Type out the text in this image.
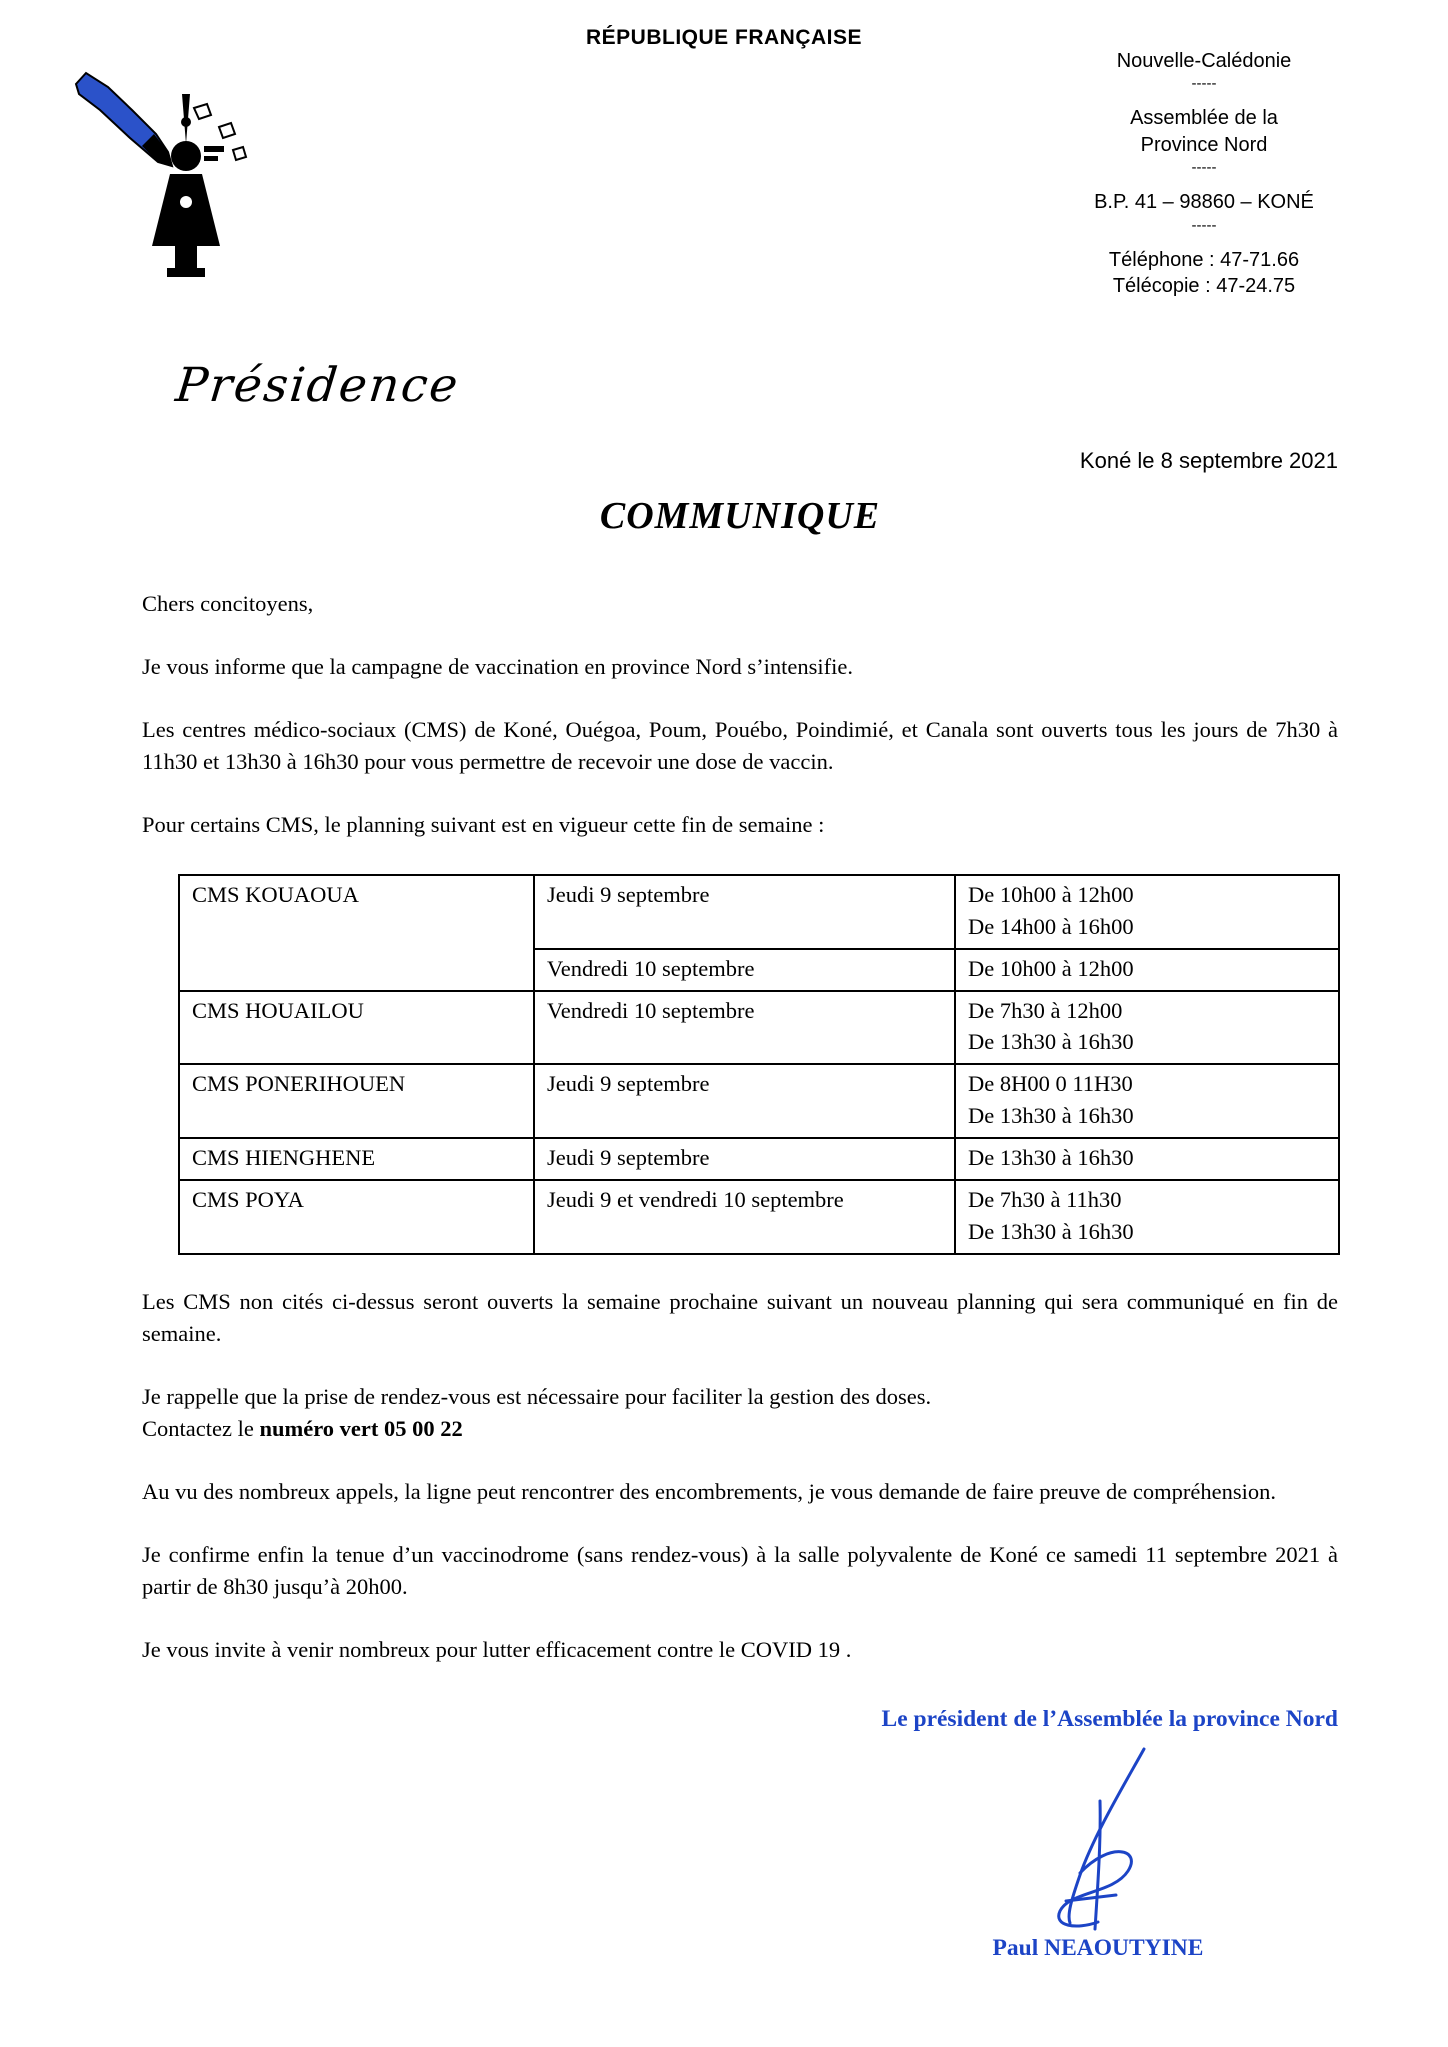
RÉPUBLIQUE FRANÇAISE
Nouvelle-Calédonie
-----
Assemblée de la
Province Nord
-----
B.P. 41 – 98860 – KONÉ
-----
Téléphone : 47-71.66
Télécopie : 47-24.75
Présidence
Koné le 8 septembre 2021
COMMUNIQUE

Chers concitoyens,

Je vous informe que la campagne de vaccination en province Nord s’intensifie.

Les centres médico-sociaux (CMS) de Koné, Ouégoa, Poum, Pouébo, Poindimié, et Canala sont ouverts tous les jours de 7h30 à 11h30 et 13h30 à 16h30 pour vous permettre de recevoir une dose de vaccin.

Pour certains CMS, le planning suivant est en vigueur cette fin de semaine :

CMS KOUAOUA	Jeudi 9 septembre	De 10h00 à 12h00
De 14h00 à 16h00

	Vendredi 10 septembre	De 10h00 à 12h00
CMS HOUAILOU	Vendredi 10 septembre	De 7h30 à 12h00
De 13h30 à 16h30

CMS PONERIHOUEN	Jeudi 9 septembre	De 8H00 0 11H30
De 13h30 à 16h30

CMS HIENGHENE	Jeudi 9 septembre	De 13h30 à 16h30
CMS POYA	Jeudi 9 et vendredi 10 septembre	De 7h30 à 11h30
De 13h30 à 16h30

Les CMS non cités ci-dessus seront ouverts la semaine prochaine suivant un nouveau planning qui sera communiqué en fin de semaine.

Je rappelle que la prise de rendez-vous est nécessaire pour faciliter la gestion des doses.
Contactez le numéro vert 05 00 22

Au vu des nombreux appels, la ligne peut rencontrer des encombrements, je vous demande de faire preuve de compréhension.

Je confirme enfin la tenue d’un vaccinodrome (sans rendez-vous) à la salle polyvalente de Koné ce samedi 11 septembre 2021 à partir de 8h30 jusqu’à 20h00.

Je vous invite à venir nombreux pour lutter efficacement contre le COVID 19 .

Le président de l’Assemblée la province Nord
Paul NEAOUTYINE
